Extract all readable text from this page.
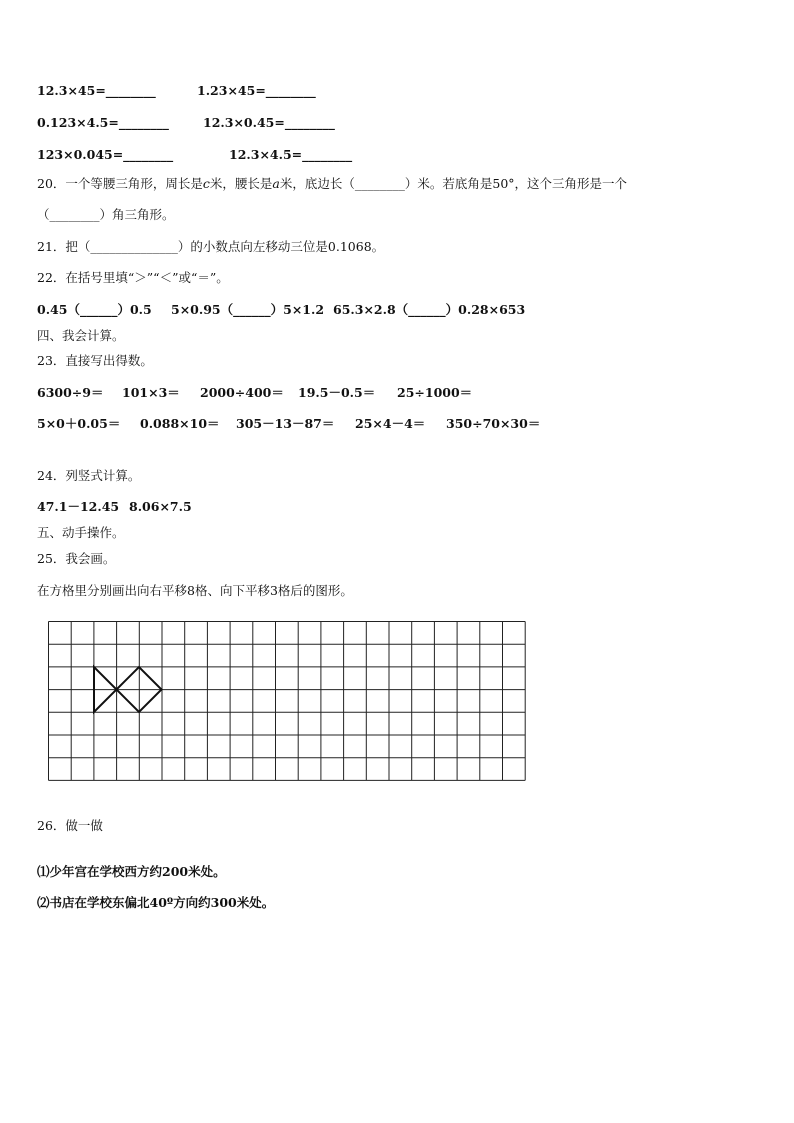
12.3×45=________	1.23×45=________
0.123×4.5=________	12.3×0.45=________
123×0.045=________	12.3×4.5=________
20．一个等腰三角形，周长是𝑐米，腰长是𝑎米，底边长（________）米。若底角是50°，这个三角形是一个
（________）角三角形。
21．把（______________）的小数点向左移动三位是0.1068。
22．在括号里填“＞”“＜”或“＝”。
0.45（______）0.5 5×0.95（______）5×1.2 65.3×2.8（______）0.28×653
四、我会计算。
23．直接写出得数。
6300÷9＝ 101×3＝ 2000÷400＝ 19.5－0.5＝ 25÷1000＝
5×0＋0.05＝ 0.088×10＝ 305－13－87＝ 25×4－4＝ 350÷70×30＝
24．列竖式计算。
47.1－12.45 8.06×7.5
五、动手操作。
25．我会画。
在方格里分别画出向右平移8格、向下平移3格后的图形。
26．做一做
⑴少年宫在学校西方约200米处。
⑵书店在学校东偏北40º方向约300米处。
